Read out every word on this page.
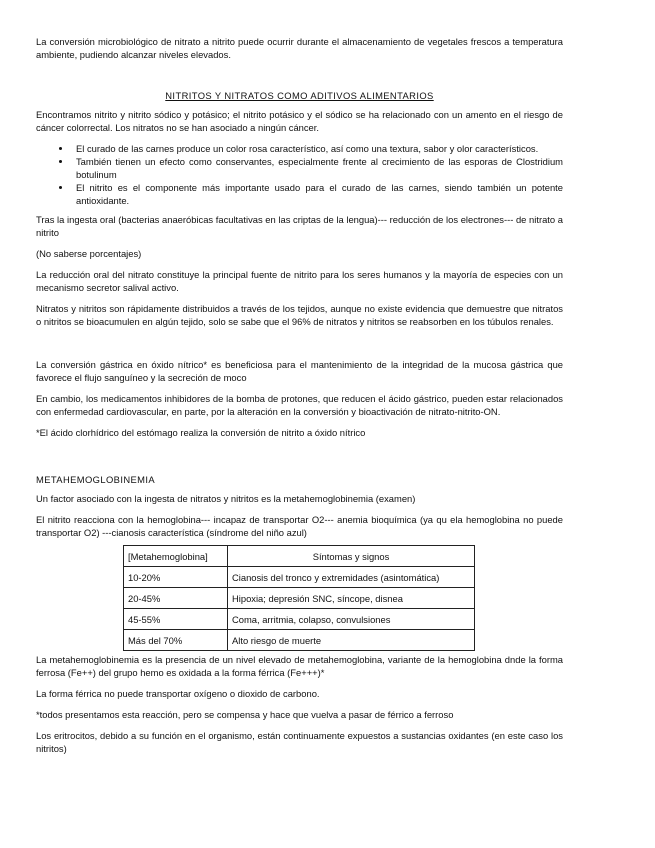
La conversión microbiológico de nitrato a nitrito puede ocurrir durante el almacenamiento de vegetales frescos a temperatura ambiente, pudiendo alcanzar niveles elevados.

NITRITOS Y NITRATOS COMO ADITIVOS ALIMENTARIOS

Encontramos nitrito y nitrito sódico y potásico; el nitrito potásico y el sódico se ha relacionado con un amento en el riesgo de cáncer colorrectal. Los nitratos no se han asociado a ningún cáncer.

• El curado de las carnes produce un color rosa característico, así como una textura, sabor y olor característicos.
• También tienen un efecto como conservantes, especialmente frente al crecimiento de las esporas de Clostridium botulinum
• El nitrito es el componente más importante usado para el curado de las carnes, siendo también un potente antioxidante.

Tras la ingesta oral (bacterias anaeróbicas facultativas en las criptas de la lengua)--- reducción de los electrones--- de nitrato a nitrito

(No saberse porcentajes)

La reducción oral del nitrato constituye la principal fuente de nitrito para los seres humanos y la mayoría de especies con un mecanismo secretor salival activo.

Nitratos y nitritos son rápidamente distribuidos a través de los tejidos, aunque no existe evidencia que demuestre que nitratos o nitritos se bioacumulen en algún tejido, solo se sabe que el 96% de nitratos y nitritos se reabsorben en los túbulos renales.

La conversión gástrica en óxido nítrico* es beneficiosa para el mantenimiento de la integridad de la mucosa gástrica que favorece el flujo sanguíneo y la secreción de moco

En cambio, los medicamentos inhibidores de la bomba de protones, que reducen el ácido gástrico, pueden estar relacionados con enfermedad cardiovascular, en parte, por la alteración en la conversión y bioactivación de nitrato-nitrito-ON.

*El ácido clorhídrico del estómago realiza la conversión de nitrito a óxido nítrico

METAHEMOGLOBINEMIA

Un factor asociado con la ingesta de nitratos y nitritos es la metahemoglobinemia (examen)

El nitrito reacciona con la hemoglobina--- incapaz de transportar O2--- anemia bioquímica (ya qu ela hemoglobina no puede transportar O2) ---cianosis característica (síndrome del niño azul)

[Metahemoglobina]	Síntomas y signos
10-20%	Cianosis del tronco y extremidades (asintomática)
20-45%	Hipoxia; depresión SNC, síncope, disnea
45-55%	Coma, arritmia, colapso, convulsiones
Más del 70%	Alto riesgo de muerte

La metahemoglobinemia es la presencia de un nivel elevado de metahemoglobina, variante de la hemoglobina dnde la forma ferrosa (Fe++) del grupo hemo es oxidada a la forma férrica (Fe+++)*

La forma férrica no puede transportar oxígeno o dioxido de carbono.

*todos presentamos esta reacción, pero se compensa y hace que vuelva a pasar de férrico a ferroso

Los eritrocitos, debido a su función en el organismo, están continuamente expuestos a sustancias oxidantes (en este caso los nitritos)
